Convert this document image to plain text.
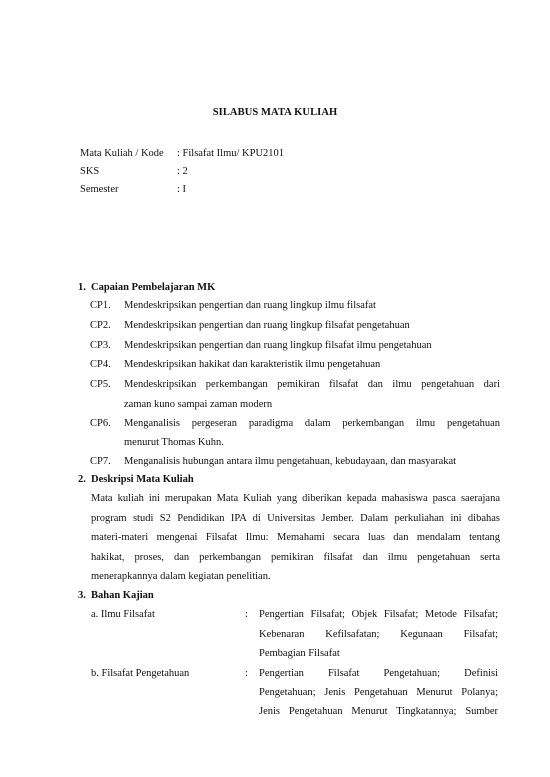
SILABUS MATA KULIAH
Mata Kuliah / Kode	: Filsafat Ilmu/ KPU2101
SKS	: 2
Semester	: I
1. Capaian Pembelajaran MK
CP1. Mendeskripsikan pengertian dan ruang lingkup ilmu filsafat
CP2. Mendeskripsikan pengertian dan ruang lingkup filsafat pengetahuan
CP3. Mendeskripsikan pengertian dan ruang lingkup filsafat ilmu pengetahuan
CP4. Mendeskripsikan hakikat dan karakteristik ilmu pengetahuan
CP5. Mendeskripsikan perkembangan pemikiran filsafat dan ilmu pengetahuan dari
zaman kuno sampai zaman modern
CP6. Menganalisis pergeseran paradigma dalam perkembangan ilmu pengetahuan
menurut Thomas Kuhn.
CP7. Menganalisis hubungan antara ilmu pengetahuan, kebudayaan, dan masyarakat
2. Deskripsi Mata Kuliah
Mata kuliah ini merupakan Mata Kuliah yang diberikan kepada mahasiswa pasca saerajana
program studi S2 Pendidikan IPA di Universitas Jember. Dalam perkuliahan ini dibahas
materi-materi mengenai Filsafat Ilmu: Memahami secara luas dan mendalam tentang
hakikat, proses, dan perkembangan pemikiran filsafat dan ilmu pengetahuan serta
menerapkannya dalam kegiatan penelitian.
3. Bahan Kajian
a. Ilmu Filsafat	: Pengertian Filsafat; Objek Filsafat; Metode Filsafat;
Kebenaran Kefilsafatan; Kegunaan Filsafat;
Pembagian Filsafat
b. Filsafat Pengetahuan	: Pengertian Filsafat Pengetahuan; Definisi
Pengetahuan; Jenis Pengetahuan Menurut Polanya;
Jenis Pengetahuan Menurut Tingkatannya; Sumber
